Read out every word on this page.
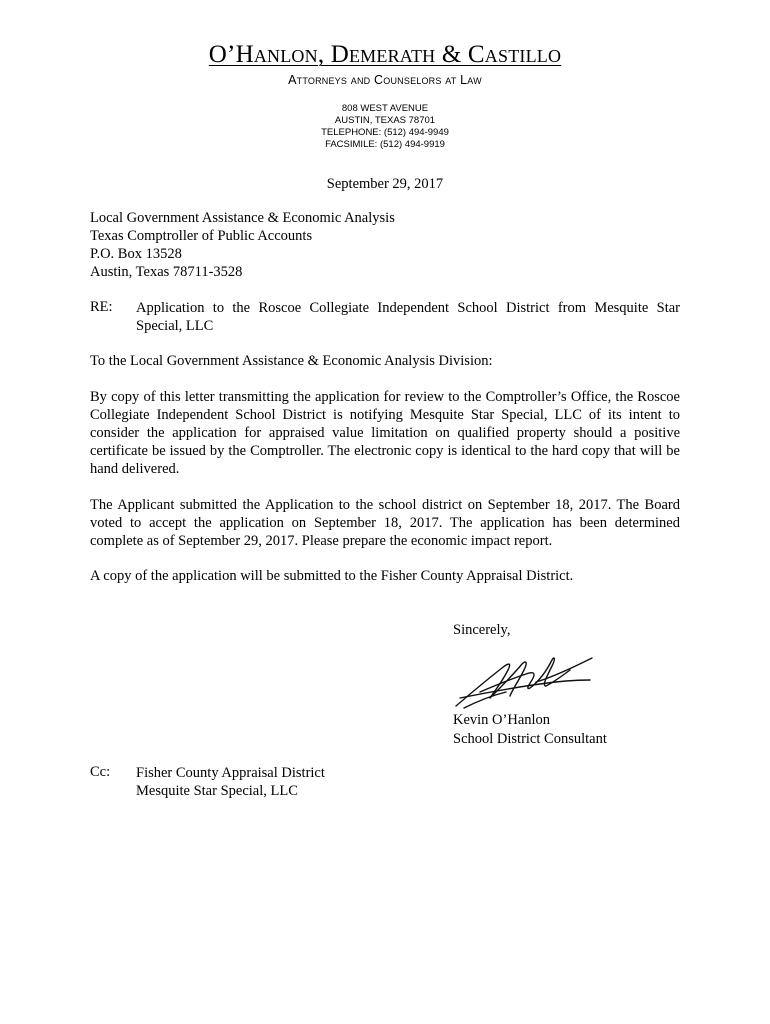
O’Hanlon, Demerath & Castillo
Attorneys and Counselors at Law
808 WEST AVENUE
AUSTIN, TEXAS 78701
TELEPHONE: (512) 494-9949
FACSIMILE: (512) 494-9919
September 29, 2017
Local Government Assistance & Economic Analysis
Texas Comptroller of Public Accounts
P.O. Box 13528
Austin, Texas 78711-3528
RE: Application to the Roscoe Collegiate Independent School District from Mesquite Star Special, LLC
To the Local Government Assistance & Economic Analysis Division:

By copy of this letter transmitting the application for review to the Comptroller’s Office, the Roscoe Collegiate Independent School District is notifying Mesquite Star Special, LLC of its intent to consider the application for appraised value limitation on qualified property should a positive certificate be issued by the Comptroller. The electronic copy is identical to the hard copy that will be hand delivered.

The Applicant submitted the Application to the school district on September 18, 2017. The Board voted to accept the application on September 18, 2017. The application has been determined complete as of September 29, 2017. Please prepare the economic impact report.

A copy of the application will be submitted to the Fisher County Appraisal District.

Sincerely,
Kevin O’Hanlon
School District Consultant
Cc: Fisher County Appraisal District
Mesquite Star Special, LLC
